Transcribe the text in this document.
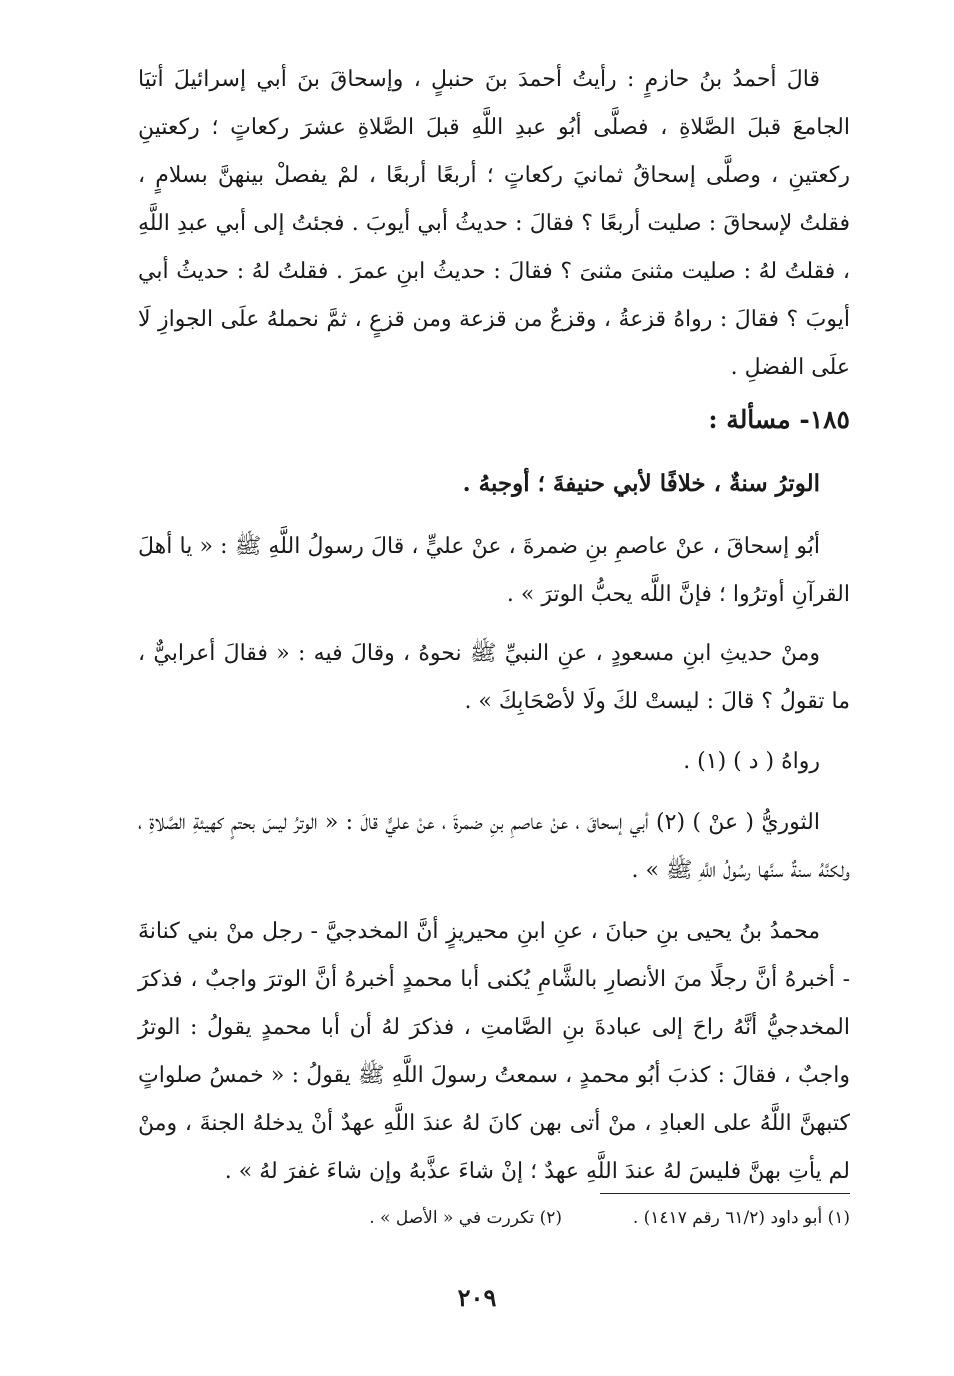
قالَ أحمدُ بنُ حازمٍ : رأيتُ أحمدَ بنَ حنبلٍ ، وإسحاقَ بنَ أبي إسرائيلَ أتيَا الجامعَ قبلَ الصَّلاةِ ، فصلَّى أبُو عبدِ اللَّهِ قبلَ الصَّلاةِ عشرَ ركعاتٍ ؛ ركعتينِ ركعتينِ ، وصلَّى إسحاقُ ثمانيَ ركعاتٍ ؛ أربعًا أربعًا ، لمْ يفصلْ بينهنَّ بسلامٍ ، فقلتُ لإسحاقَ : صليت أربعًا ؟ فقالَ : حديثُ أبي أيوبَ . فجئتُ إلى أبي عبدِ اللَّهِ ، فقلتُ لهُ : صليت مثنىَ مثنىَ ؟ فقالَ : حديثُ ابنِ عمرَ . فقلتُ لهُ : حديثُ أبي أيوبَ ؟ فقالَ : رواهُ قزعةُ ، وقزعٌ من قزعة ومن قزعٍ ، ثمَّ نحملهُ علَى الجوازِ لَا علَى الفضلِ .
١٨٥- مسألة :
الوترُ سنةٌ ، خلافًا لأبي حنيفةَ ؛ أوجبهُ .
أبُو إسحاقَ ، عنْ عاصمِ بنِ ضمرةَ ، عنْ عليٍّ ، قالَ رسولُ اللَّهِ ﷺ : « يا أهلَ القرآنِ أوترُوا ؛ فإنَّ اللَّه يحبُّ الوترَ » .
ومنْ حديثِ ابنِ مسعودٍ ، عنِ النبيِّ ﷺ نحوهُ ، وقالَ فيه : « فقالَ أعرابيٌّ ، ما تقولُ ؟ قالَ : ليستْ لكَ ولَا لأصْحَابِكَ » .
رواهُ ( د ) (١) .
الثوريُّ ( عنْ ) (٢) أبي إسحاقَ ، عنْ عاصمِ بنِ ضمرةَ ، عنْ عليٍّ قالَ : « الوترُ ليسَ بحتمٍ كهيئةِ الصَّلاةِ ، ولكنَّهُ سنةٌ سنَّها رسُولُ اللَّهِ ﷺ » .
محمدُ بنُ يحيى بنِ حبانَ ، عنِ ابنِ محيريزٍ أنَّ المخدجيَّ - رجل منْ بني كنانةَ - أخبرهُ أنَّ رجلًا منَ الأنصارِ بالشَّامِ يُكنى أبا محمدٍ أخبرهُ أنَّ الوترَ واجبٌ ، فذكرَ المخدجيُّ أنَّهُ راحَ إلى عبادةَ بنِ الصَّامتِ ، فذكرَ لهُ أن أبا محمدٍ يقولُ : الوترُ واجبٌ ، فقالَ : كذبَ أبُو محمدٍ ، سمعتُ رسولَ اللَّهِ ﷺ يقولُ : « خمسُ صلواتٍ كتبهنَّ اللَّهُ على العبادِ ، منْ أتى بهن كانَ لهُ عندَ اللَّهِ عهدٌ أنْ يدخلهُ الجنةَ ، ومنْ لم يأتِ بهنَّ فليسَ لهُ عندَ اللَّهِ عهدٌ ؛ إنْ شاءَ عذَّبهُ وإن شاءَ غفرَ لهُ » .
(١) أبو داود (٦١/٢ رقم ١٤١٧) .  (٢) تكررت في « الأصل » .
٢٠٩
